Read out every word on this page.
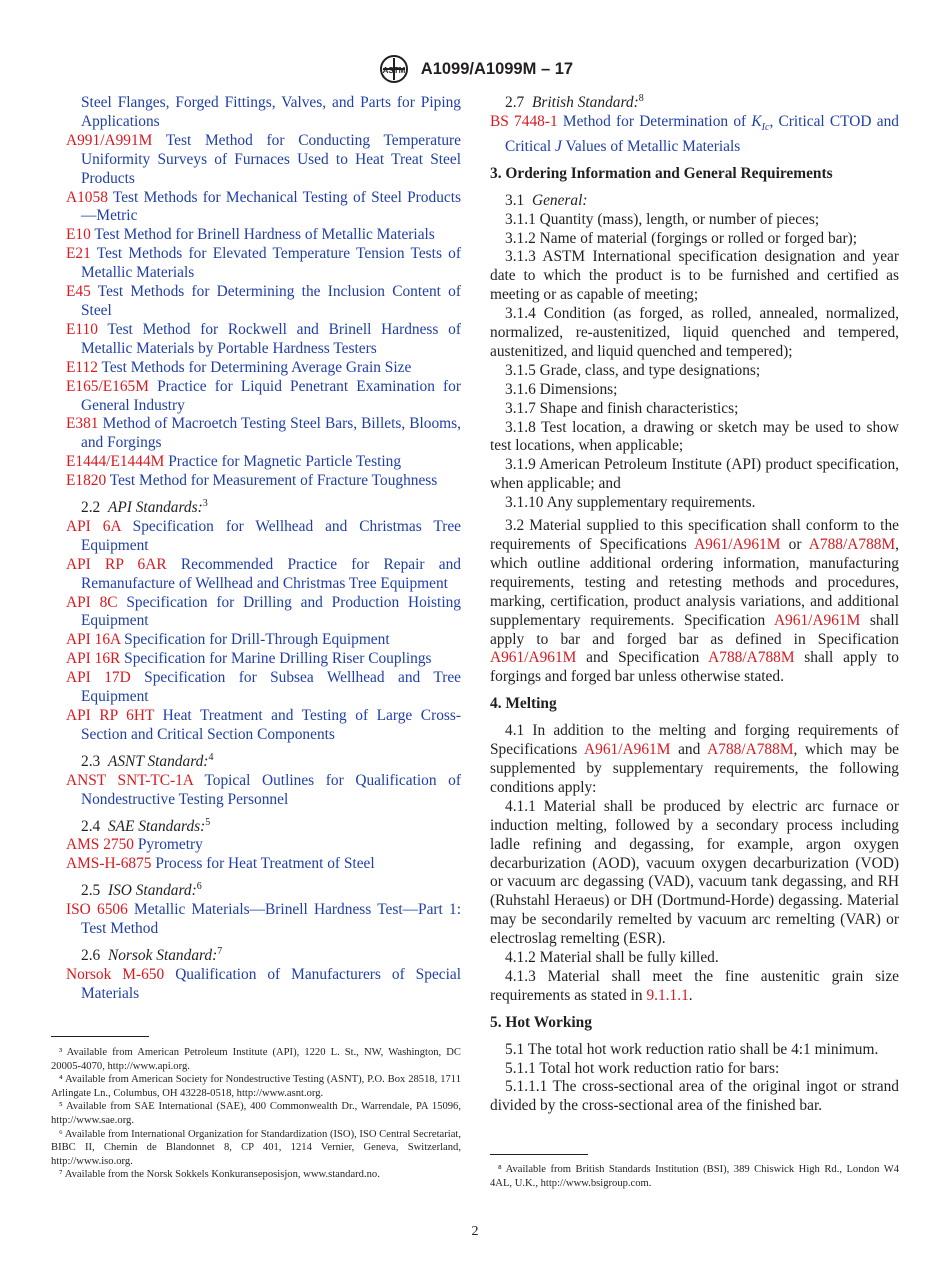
ASTM A1099/A1099M – 17

Steel Flanges, Forged Fittings, Valves, and Parts for Piping Applications

A991/A991M Test Method for Conducting Temperature Uniformity Surveys of Furnaces Used to Heat Treat Steel Products

A1058 Test Methods for Mechanical Testing of Steel Products—Metric

E10 Test Method for Brinell Hardness of Metallic Materials

E21 Test Methods for Elevated Temperature Tension Tests of Metallic Materials

E45 Test Methods for Determining the Inclusion Content of Steel

E110 Test Method for Rockwell and Brinell Hardness of Metallic Materials by Portable Hardness Testers

E112 Test Methods for Determining Average Grain Size

E165/E165M Practice for Liquid Penetrant Examination for General Industry

E381 Method of Macroetch Testing Steel Bars, Billets, Blooms, and Forgings

E1444/E1444M Practice for Magnetic Particle Testing

E1820 Test Method for Measurement of Fracture Toughness

2.2 API Standards:$^3$

API 6A Specification for Wellhead and Christmas Tree Equipment

API RP 6AR Recommended Practice for Repair and Remanufacture of Wellhead and Christmas Tree Equipment

API 8C Specification for Drilling and Production Hoisting Equipment

API 16A Specification for Drill-Through Equipment

API 16R Specification for Marine Drilling Riser Couplings

API 17D Specification for Subsea Wellhead and Tree Equipment

API RP 6HT Heat Treatment and Testing of Large Cross-Section and Critical Section Components

2.3 ASNT Standard:$^4$

ANST SNT-TC-1A Topical Outlines for Qualification of Nondestructive Testing Personnel

2.4 SAE Standards:$^5$

AMS 2750 Pyrometry

AMS-H-6875 Process for Heat Treatment of Steel

2.5 ISO Standard:$^6$

ISO 6506 Metallic Materials—Brinell Hardness Test—Part 1: Test Method

2.6 Norsok Standard:$^7$

Norsok M-650 Qualification of Manufacturers of Special Materials

³ Available from American Petroleum Institute (API), 1220 L. St., NW, Washington, DC 20005-4070, http://www.api.org.

⁴ Available from American Society for Nondestructive Testing (ASNT), P.O. Box 28518, 1711 Arlingate Ln., Columbus, OH 43228-0518, http://www.asnt.org.

⁵ Available from SAE International (SAE), 400 Commonwealth Dr., Warrendale, PA 15096, http://www.sae.org.

⁶ Available from International Organization for Standardization (ISO), ISO Central Secretariat, BIBC II, Chemin de Blandonnet 8, CP 401, 1214 Vernier, Geneva, Switzerland, http://www.iso.org.

⁷ Available from the Norsk Sokkels Konkuranseposisjon, www.standard.no.

2.7 British Standard:$^8$

BS 7448-1 Method for Determination of $K_{Ic}$, Critical CTOD and Critical J Values of Metallic Materials

3. Ordering Information and General Requirements

3.1 General:

3.1.1 Quantity (mass), length, or number of pieces;

3.1.2 Name of material (forgings or rolled or forged bar);

3.1.3 ASTM International specification designation and year date to which the product is to be furnished and certified as meeting or as capable of meeting;

3.1.4 Condition (as forged, as rolled, annealed, normalized, normalized, re-austenitized, liquid quenched and tempered, austenitized, and liquid quenched and tempered);

3.1.5 Grade, class, and type designations;

3.1.6 Dimensions;

3.1.7 Shape and finish characteristics;

3.1.8 Test location, a drawing or sketch may be used to show test locations, when applicable;

3.1.9 American Petroleum Institute (API) product specification, when applicable; and

3.1.10 Any supplementary requirements.

3.2 Material supplied to this specification shall conform to the requirements of Specifications A961/A961M or A788/A788M, which outline additional ordering information, manufacturing requirements, testing and retesting methods and procedures, marking, certification, product analysis variations, and additional supplementary requirements. Specification A961/A961M shall apply to bar and forged bar as defined in Specification A961/A961M and Specification A788/A788M shall apply to forgings and forged bar unless otherwise stated.

4. Melting

4.1 In addition to the melting and forging requirements of Specifications A961/A961M and A788/A788M, which may be supplemented by supplementary requirements, the following conditions apply:

4.1.1 Material shall be produced by electric arc furnace or induction melting, followed by a secondary process including ladle refining and degassing, for example, argon oxygen decarburization (AOD), vacuum oxygen decarburization (VOD) or vacuum arc degassing (VAD), vacuum tank degassing, and RH (Ruhstahl Heraeus) or DH (Dortmund-Horde) degassing. Material may be secondarily remelted by vacuum arc remelting (VAR) or electroslag remelting (ESR).

4.1.2 Material shall be fully killed.

4.1.3 Material shall meet the fine austenitic grain size requirements as stated in 9.1.1.1.

5. Hot Working

5.1 The total hot work reduction ratio shall be 4:1 minimum.

5.1.1 Total hot work reduction ratio for bars:

5.1.1.1 The cross-sectional area of the original ingot or strand divided by the cross-sectional area of the finished bar.

⁸ Available from British Standards Institution (BSI), 389 Chiswick High Rd., London W4 4AL, U.K., http://www.bsigroup.com.

2
